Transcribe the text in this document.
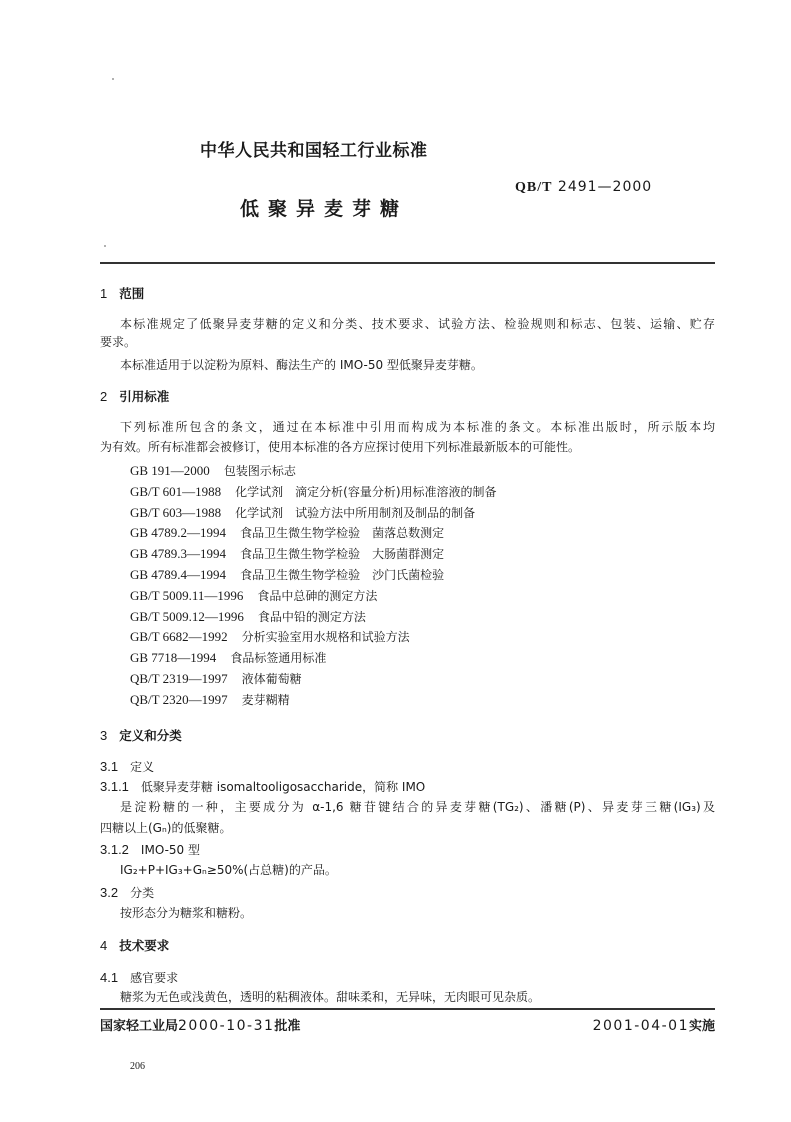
中华人民共和国轻工行业标准
QB/T 2491—2000
低聚异麦芽糖
1 范围
本标准规定了低聚异麦芽糖的定义和分类、技术要求、试验方法、检验规则和标志、包装、运输、贮存
要求。
本标准适用于以淀粉为原料、酶法生产的 IMO-50 型低聚异麦芽糖。
2 引用标准
下列标准所包含的条文，通过在本标准中引用而构成为本标准的条文。本标准出版时，所示版本均
为有效。所有标准都会被修订，使用本标准的各方应探讨使用下列标准最新版本的可能性。
GB 191—2000 包装图示标志
GB/T 601—1988 化学试剂　滴定分析(容量分析)用标准溶液的制备
GB/T 603—1988 化学试剂　试验方法中所用制剂及制品的制备
GB 4789.2—1994 食品卫生微生物学检验　菌落总数测定
GB 4789.3—1994 食品卫生微生物学检验　大肠菌群测定
GB 4789.4—1994 食品卫生微生物学检验　沙门氏菌检验
GB/T 5009.11—1996 食品中总砷的测定方法
GB/T 5009.12—1996 食品中铅的测定方法
GB/T 6682—1992 分析实验室用水规格和试验方法
GB 7718—1994 食品标签通用标准
QB/T 2319—1997 液体葡萄糖
QB/T 2320—1997 麦芽糊精
3 定义和分类
3.1 定义
3.1.1 低聚异麦芽糖 isomaltooligosaccharide，简称 IMO
是淀粉糖的一种，主要成分为 α-1,6 糖苷键结合的异麦芽糖(TG₂)、潘糖(P)、异麦芽三糖(IG₃)及
四糖以上(Gₙ)的低聚糖。
3.1.2 IMO-50 型
IG₂+P+IG₃+Gₙ≥50%(占总糖)的产品。
3.2 分类
按形态分为糖浆和糖粉。
4 技术要求
4.1 感官要求
糖浆为无色或浅黄色，透明的粘稠液体。甜味柔和，无异味，无肉眼可见杂质。
国家轻工业局2000-10-31批准	2001-04-01实施
206
